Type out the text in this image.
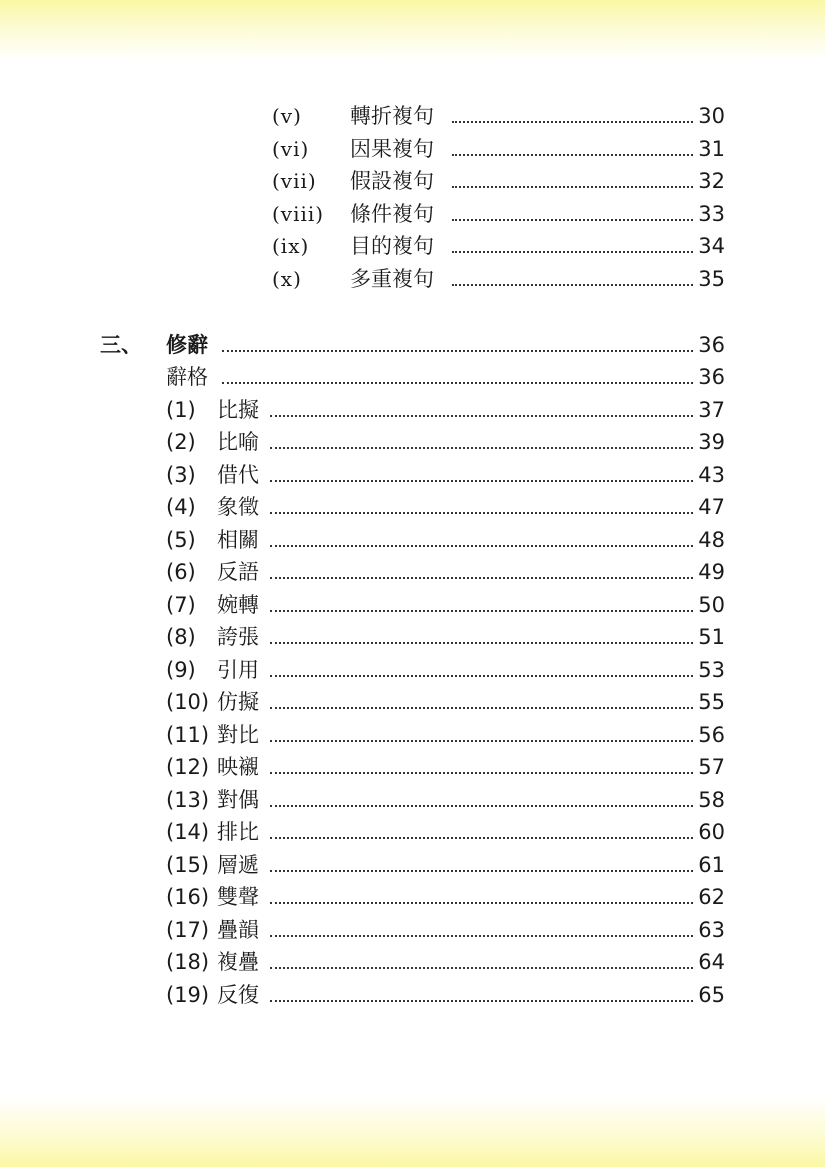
(v) 轉折複句	30
(vi) 因果複句	31
(vii) 假設複句	32
(viii) 條件複句	33
(ix) 目的複句	34
(x) 多重複句	35
三、 修辭	36
辭格	36
(1) 比擬	37
(2) 比喻	39
(3) 借代	43
(4) 象徵	47
(5) 相關	48
(6) 反語	49
(7) 婉轉	50
(8) 誇張	51
(9) 引用	53
(10) 仿擬	55
(11) 對比	56
(12) 映襯	57
(13) 對偶	58
(14) 排比	60
(15) 層遞	61
(16) 雙聲	62
(17) 疊韻	63
(18) 複疊	64
(19) 反復	65
